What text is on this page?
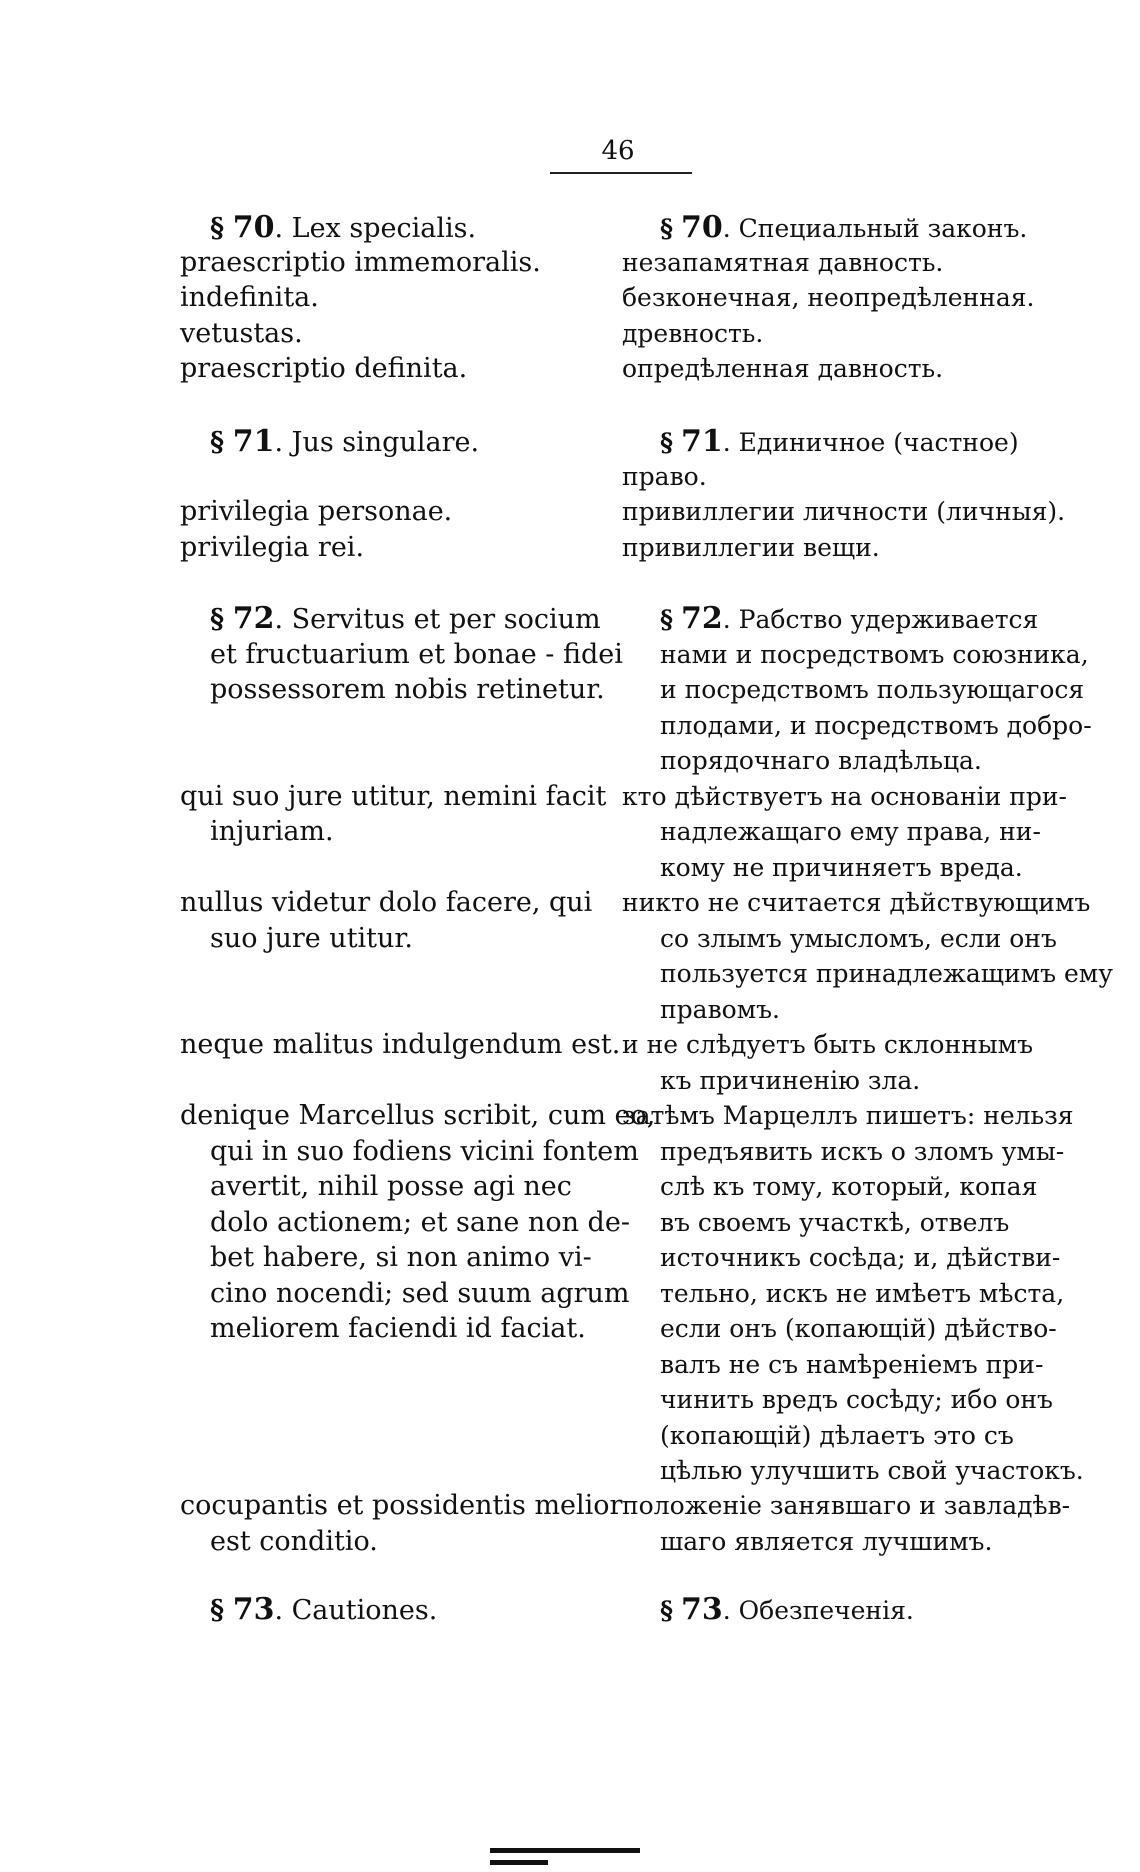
46
§ 70. Lex specialis.
praescriptio immemoralis.
indefinita.
vetustas.
praescriptio definita.
§ 71. Jus singulare.
privilegia personae.
privilegia rei.
§ 72. Servitus et per socium
et fructuarium et bonae - fidei
possessorem nobis retinetur.
qui suo jure utitur, nemini facit
injuriam.
nullus videtur dolo facere, qui
suo jure utitur.
neque malitus indulgendum est.
denique Marcellus scribit, cum eo,
qui in suo fodiens vicini fontem
avertit, nihil posse agi nec
dolo actionem; et sane non de-
bet habere, si non animo vi-
cino nocendi; sed suum agrum
meliorem faciendi id faciat.
cocupantis et possidentis melior
est conditio.
§ 73. Cautiones.
§ 70. Специальный законъ.
незапамятная давность.
безконечная, неопредѣленная.
древность.
опредѣленная давность.
§ 71. Единичное (частное)
право.
привиллегии личности (личныя).
привиллегии вещи.
§ 72. Рабство удерживается
нами и посредствомъ союзника,
и посредствомъ пользующагося
плодами, и посредствомъ добро-
порядочнаго владѣльца.
кто дѣйствуетъ на основаніи при-
надлежащаго ему права, ни-
кому не причиняетъ вреда.
никто не считается дѣйствующимъ
со злымъ умысломъ, если онъ
пользуется принадлежащимъ ему
правомъ.
и не слѣдуетъ быть склоннымъ
къ причиненію зла.
затѣмъ Марцеллъ пишетъ: нельзя
предъявить искъ о зломъ умы-
слѣ къ тому, который, копая
въ своемъ участкѣ, отвелъ
источникъ сосѣда; и, дѣйстви-
тельно, искъ не имѣетъ мѣста,
если онъ (копающій) дѣйство-
валъ не съ намѣреніемъ при-
чинить вредъ сосѣду; ибо онъ
(копающій) дѣлаетъ это съ
цѣлью улучшить свой участокъ.
положеніе занявшаго и завладѣв-
шаго является лучшимъ.
§ 73. Обезпеченія.
